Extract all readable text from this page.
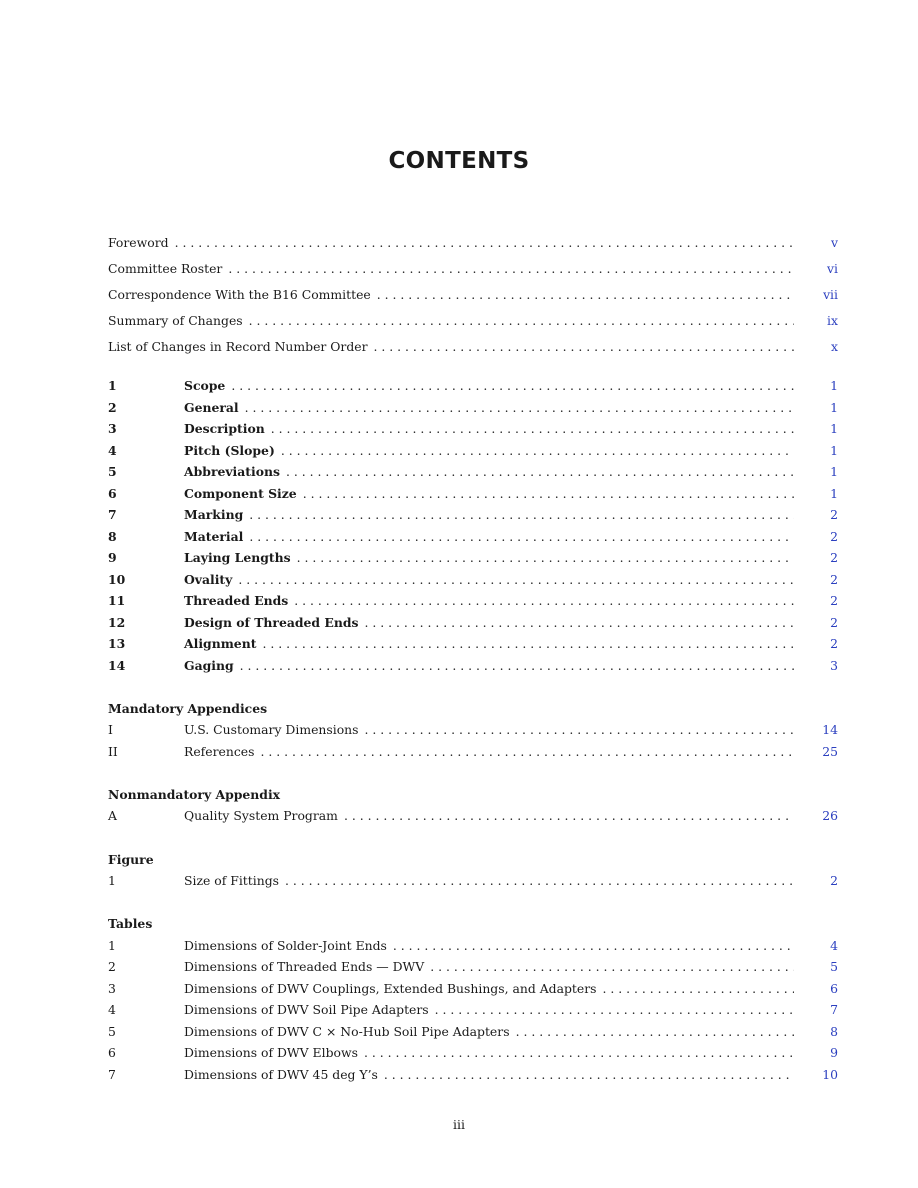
CONTENTS
Foreword . . .	v
Committee Roster . . .	vi
Correspondence With the B16 Committee . . .	vii
Summary of Changes . . .	ix
List of Changes in Record Number Order . . .	x
1	Scope . . .	1
2	General . . .	1
3	Description . . .	1
4	Pitch (Slope) . . .	1
5	Abbreviations . . .	1
6	Component Size . . .	1
7	Marking . . .	2
8	Material . . .	2
9	Laying Lengths . . .	2
10	Ovality . . .	2
11	Threaded Ends . . .	2
12	Design of Threaded Ends . . .	2
13	Alignment . . .	2
14	Gaging . . .	3
Mandatory Appendices
I	U.S. Customary Dimensions . . .	14
II	References . . .	25
Nonmandatory Appendix
A	Quality System Program . . .	26
Figure
1	Size of Fittings . . .	2
Tables
1	Dimensions of Solder-Joint Ends . . .	4
2	Dimensions of Threaded Ends — DWV . . .	5
3	Dimensions of DWV Couplings, Extended Bushings, and Adapters . . .	6
4	Dimensions of DWV Soil Pipe Adapters . . .	7
5	Dimensions of DWV C × No-Hub Soil Pipe Adapters . . .	8
6	Dimensions of DWV Elbows . . .	9
7	Dimensions of DWV 45 deg Y’s . . .	10
iii
